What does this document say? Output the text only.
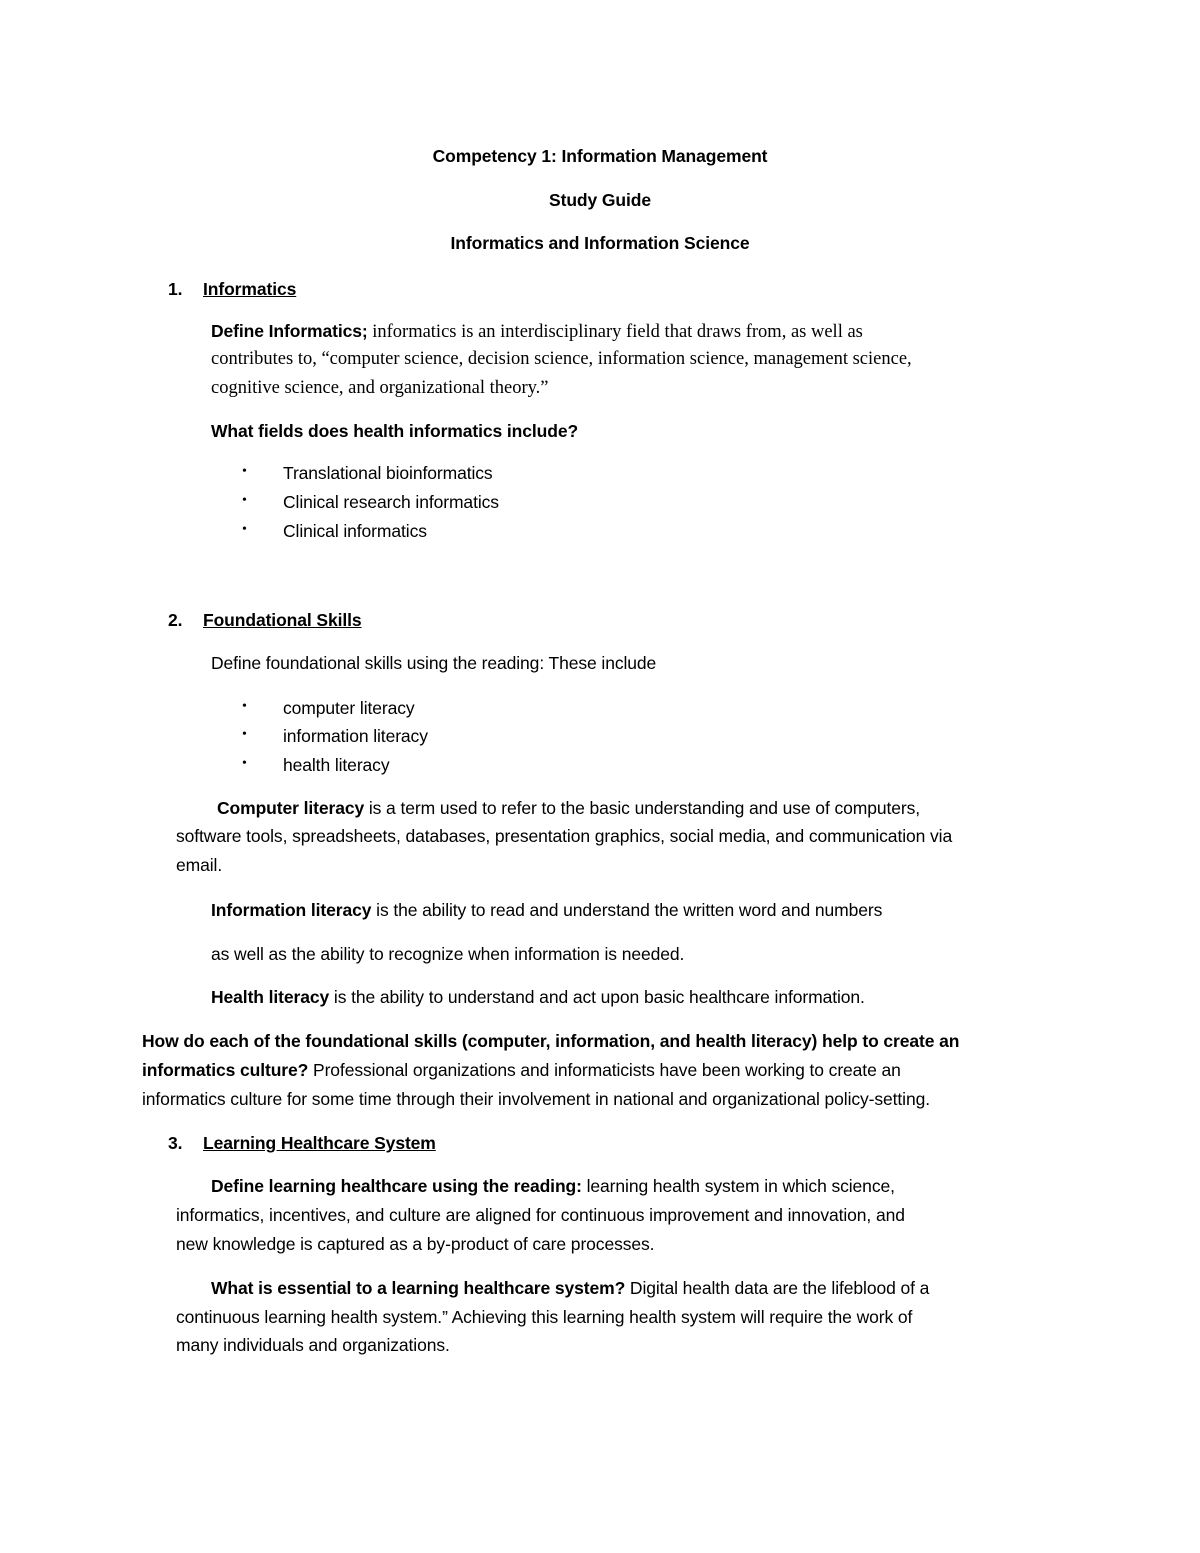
Competency 1: Information Management
Study Guide
Informatics and Information Science
1. Informatics
Define Informatics; informatics is an interdisciplinary field that draws from, as well as
contributes to, “computer science, decision science, information science, management science,
cognitive science, and organizational theory.”
What fields does health informatics include?
• Translational bioinformatics
• Clinical research informatics
• Clinical informatics
2. Foundational Skills
Define foundational skills using the reading: These include
• computer literacy
• information literacy
• health literacy
Computer literacy is a term used to refer to the basic understanding and use of computers,
software tools, spreadsheets, databases, presentation graphics, social media, and communication via
email.
Information literacy is the ability to read and understand the written word and numbers
as well as the ability to recognize when information is needed.
Health literacy is the ability to understand and act upon basic healthcare information.
How do each of the foundational skills (computer, information, and health literacy) help to create an
informatics culture? Professional organizations and informaticists have been working to create an
informatics culture for some time through their involvement in national and organizational policy-setting.
3. Learning Healthcare System
Define learning healthcare using the reading: learning health system in which science,
informatics, incentives, and culture are aligned for continuous improvement and innovation, and
new knowledge is captured as a by-product of care processes.
What is essential to a learning healthcare system? Digital health data are the lifeblood of a
continuous learning health system.” Achieving this learning health system will require the work of
many individuals and organizations.
